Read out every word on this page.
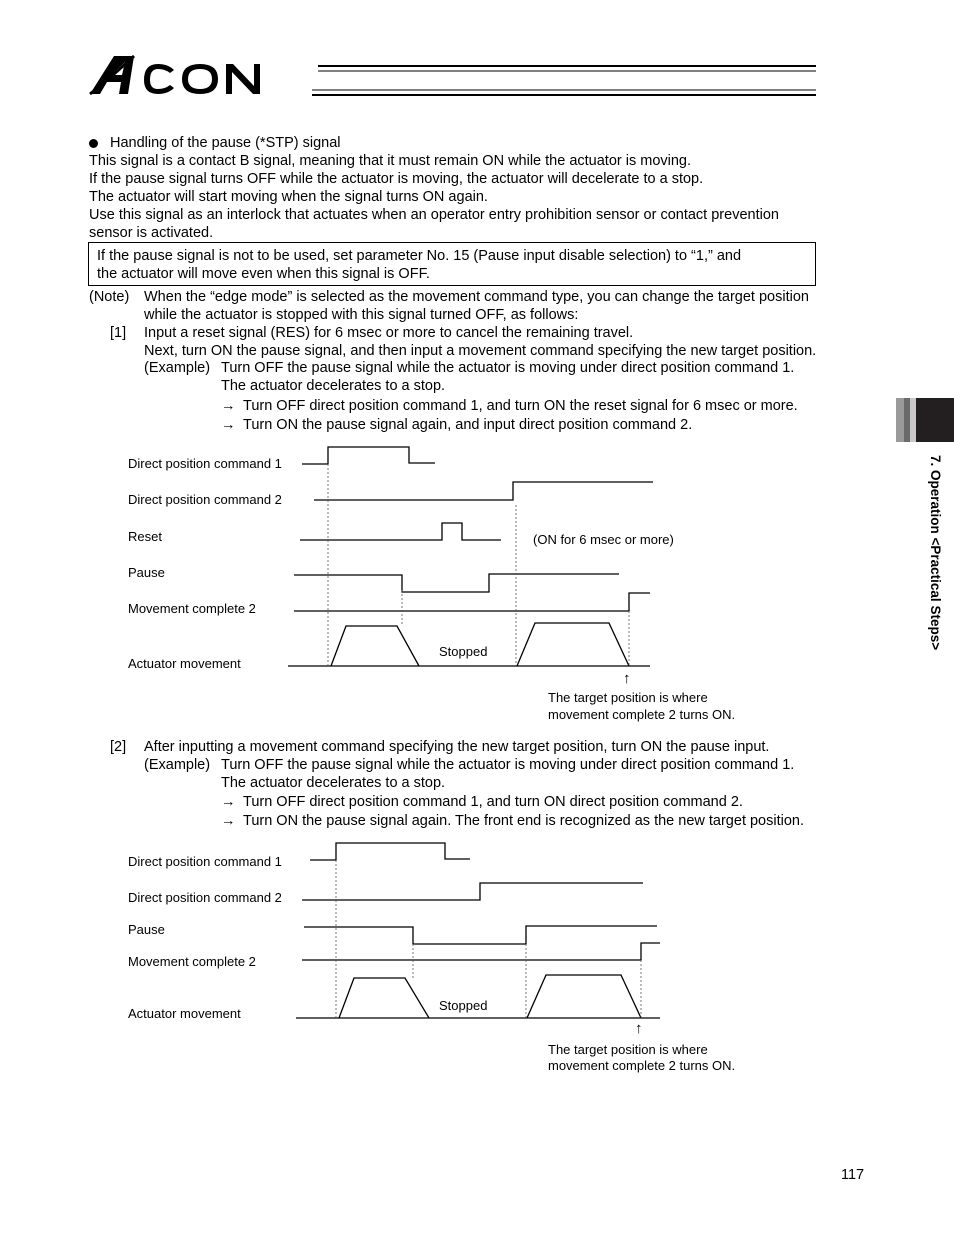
7. Operation <Practical Steps>
Handling of the pause (*STP) signal
This signal is a contact B signal, meaning that it must remain ON while the actuator is moving.
If the pause signal turns OFF while the actuator is moving, the actuator will decelerate to a stop.
The actuator will start moving when the signal turns ON again.
Use this signal as an interlock that actuates when an operator entry prohibition sensor or contact prevention
sensor is activated.
If the pause signal is not to be used, set parameter No. 15 (Pause input disable selection) to “1,” and
the actuator will move even when this signal is OFF.
(Note) When the “edge mode” is selected as the movement command type, you can change the target position
while the actuator is stopped with this signal turned OFF, as follows:
[1] Input a reset signal (RES) for 6 msec or more to cancel the remaining travel.
Next, turn ON the pause signal, and then input a movement command specifying the new target position.
(Example) Turn OFF the pause signal while the actuator is moving under direct position command 1.
The actuator decelerates to a stop.
→ Turn OFF direct position command 1, and turn ON the reset signal for 6 msec or more.
→ Turn ON the pause signal again, and input direct position command 2.
Direct position command 1
Direct position command 2
Reset
Pause
Movement complete 2
Actuator movement
(ON for 6 msec or more)
Stopped
↑
The target position is where
movement complete 2 turns ON.
[2] After inputting a movement command specifying the new target position, turn ON the pause input.
(Example) Turn OFF the pause signal while the actuator is moving under direct position command 1.
The actuator decelerates to a stop.
→ Turn OFF direct position command 1, and turn ON direct position command 2.
→ Turn ON the pause signal again. The front end is recognized as the new target position.
Direct position command 1
Direct position command 2
Pause
Movement complete 2
Actuator movement
Stopped
↑
The target position is where
movement complete 2 turns ON.
117
